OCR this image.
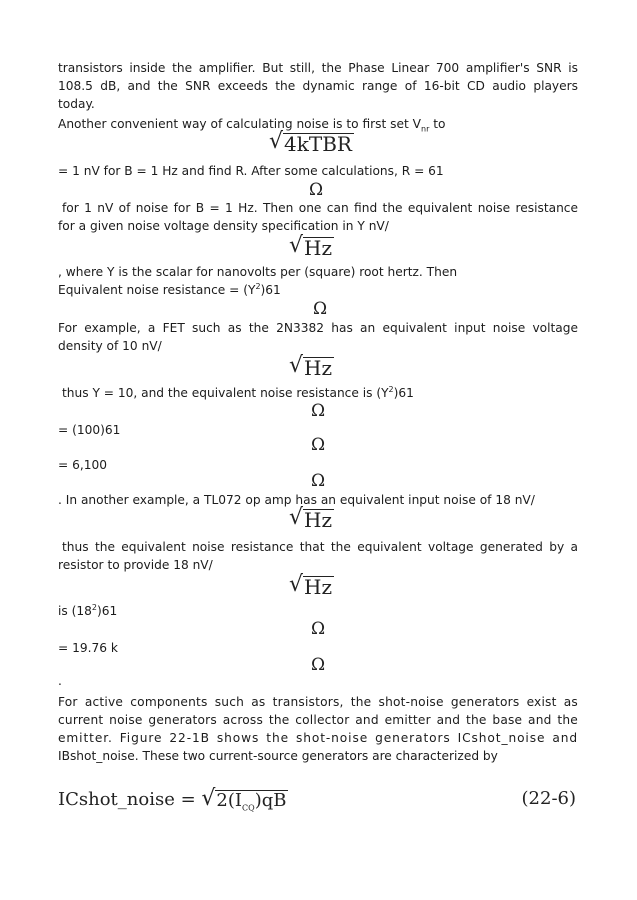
transistors inside the amplifier. But still, the Phase Linear 700 amplifier's SNR is

108.5 dB, and the SNR exceeds the dynamic range of 16-bit CD audio players

today.

Another convenient way of calculating noise is to first set $V_{nr}$ to

√ 4kTBR

= 1 nV for B = 1 Hz and find R. After some calculations, R = 61

Ω

for 1 nV of noise for B = 1 Hz. Then one can find the equivalent noise resistance

for a given noise voltage density specification in Y nV/

√ Hz

, where Y is the scalar for nanovolts per (square) root hertz. Then

Equivalent noise resistance = $(Y^2)61$

Ω

For example, a FET such as the 2N3382 has an equivalent input noise voltage

density of 10 nV/

√ Hz

thus Y = 10, and the equivalent noise resistance is $(Y^2)61$

Ω

= (100)61

Ω

= 6,100

Ω

. In another example, a TL072 op amp has an equivalent input noise of 18 nV/

√ Hz

thus the equivalent noise resistance that the equivalent voltage generated by a

resistor to provide 18 nV/

√ Hz

is $(18^2)61$

Ω

= 19.76 k

Ω

.

For active components such as transistors, the shot-noise generators exist as

current noise generators across the collector and emitter and the base and the

emitter. Figure 22-1B shows the shot-noise generators ICshot_noise and

IBshot_noise. These two current-source generators are characterized by

ICshot_noise = √ $2(I_{CQ})qB$	(22-6)
